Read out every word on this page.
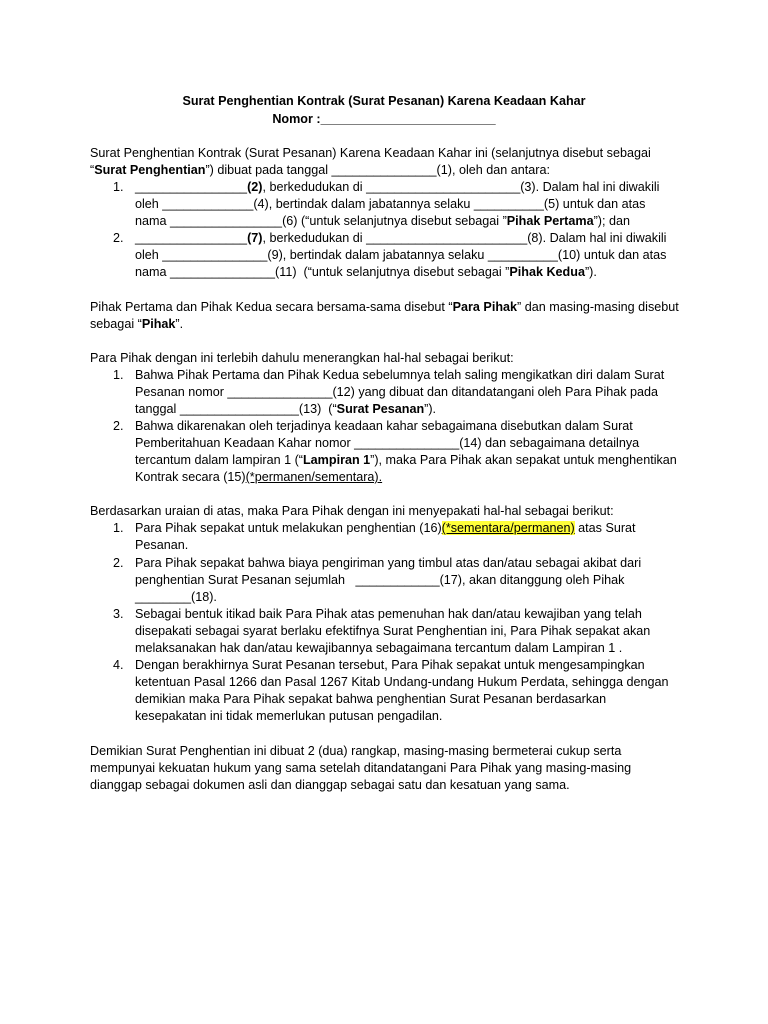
Surat Penghentian Kontrak (Surat Pesanan) Karena Keadaan Kahar
Nomor :_________________________
Surat Penghentian Kontrak (Surat Pesanan) Karena Keadaan Kahar ini (selanjutnya disebut sebagai
“Surat Penghentian”) dibuat pada tanggal _______________(1), oleh dan antara:
1. ________________(2), berkedudukan di ______________________(3). Dalam hal ini diwakili
oleh _____________(4), bertindak dalam jabatannya selaku __________(5) untuk dan atas
nama ________________(6) (“untuk selanjutnya disebut sebagai ”Pihak Pertama”); dan
2. ________________(7), berkedudukan di _______________________(8). Dalam hal ini diwakili
oleh _______________(9), bertindak dalam jabatannya selaku __________(10) untuk dan atas
nama _______________(11)  (“untuk selanjutnya disebut sebagai ”Pihak Kedua”).
Pihak Pertama dan Pihak Kedua secara bersama-sama disebut “Para Pihak” dan masing-masing disebut
sebagai “Pihak”.
Para Pihak dengan ini terlebih dahulu menerangkan hal-hal sebagai berikut:
1. Bahwa Pihak Pertama dan Pihak Kedua sebelumnya telah saling mengikatkan diri dalam Surat
Pesanan nomor _______________(12) yang dibuat dan ditandatangani oleh Para Pihak pada
tanggal _________________(13)  (“Surat Pesanan”).
2. Bahwa dikarenakan oleh terjadinya keadaan kahar sebagaimana disebutkan dalam Surat
Pemberitahuan Keadaan Kahar nomor _______________(14) dan sebagaimana detailnya
tercantum dalam lampiran 1 (“Lampiran 1”), maka Para Pihak akan sepakat untuk menghentikan
Kontrak secara (15)(*permanen/sementara).
Berdasarkan uraian di atas, maka Para Pihak dengan ini menyepakati hal-hal sebagai berikut:
1. Para Pihak sepakat untuk melakukan penghentian (16)(*sementara/permanen) atas Surat
Pesanan.
2. Para Pihak sepakat bahwa biaya pengiriman yang timbul atas dan/atau sebagai akibat dari
penghentian Surat Pesanan sejumlah   ____________(17), akan ditanggung oleh Pihak
________(18).
3. Sebagai bentuk itikad baik Para Pihak atas pemenuhan hak dan/atau kewajiban yang telah
disepakati sebagai syarat berlaku efektifnya Surat Penghentian ini, Para Pihak sepakat akan
melaksanakan hak dan/atau kewajibannya sebagaimana tercantum dalam Lampiran 1 .
4. Dengan berakhirnya Surat Pesanan tersebut, Para Pihak sepakat untuk mengesampingkan
ketentuan Pasal 1266 dan Pasal 1267 Kitab Undang-undang Hukum Perdata, sehingga dengan
demikian maka Para Pihak sepakat bahwa penghentian Surat Pesanan berdasarkan
kesepakatan ini tidak memerlukan putusan pengadilan.
Demikian Surat Penghentian ini dibuat 2 (dua) rangkap, masing-masing bermeterai cukup serta
mempunyai kekuatan hukum yang sama setelah ditandatangani Para Pihak yang masing-masing
dianggap sebagai dokumen asli dan dianggap sebagai satu dan kesatuan yang sama.
